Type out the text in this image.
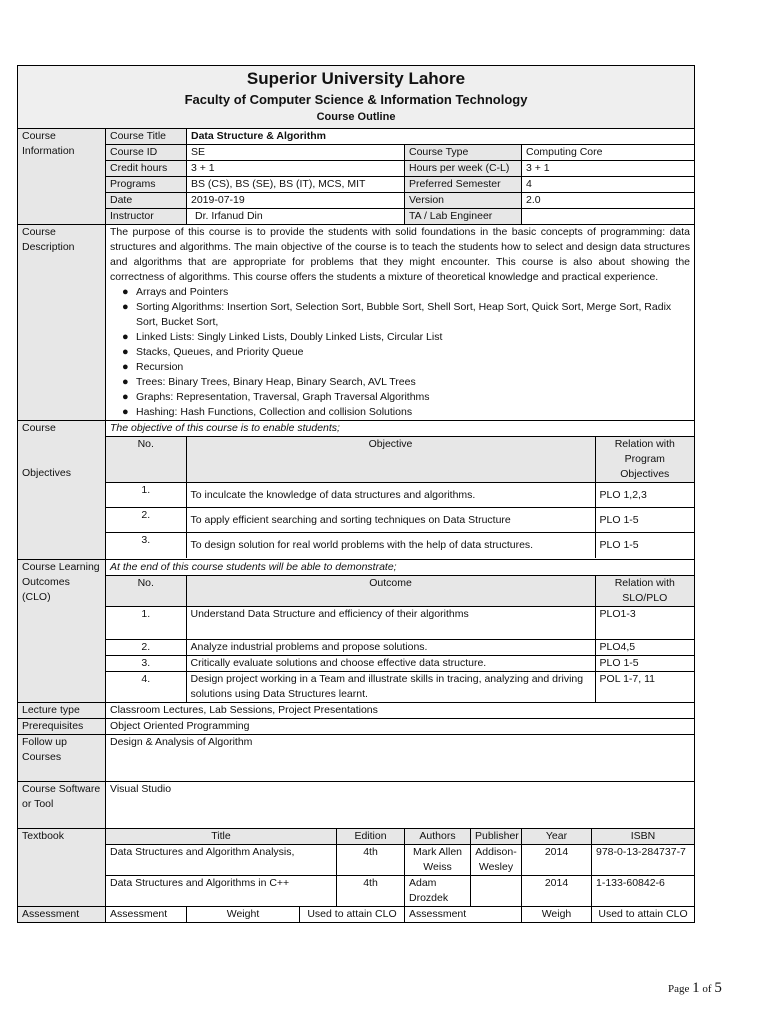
Superior University Lahore
Faculty of Computer Science & Information Technology
Course Outline

Course Information	Course Title	Data Structure & Algorithm
Course ID	SE	Course Type	Computing Core
Credit hours	3 + 1	Hours per week (C-L)	3 + 1
Programs	BS (CS), BS (SE), BS (IT), MCS, MIT	Preferred Semester	4
Date	2019-07-19	Version	2.0
Instructor	Dr. Irfanud Din	TA / Lab Engineer	
Course Description	
The purpose of this course is to provide the students with solid foundations in the basic concepts of programming: data structures and algorithms. The main objective of the course is to teach the students how to select and design data structures and algorithms that are appropriate for problems that they might encounter. This course is also about showing the correctness of algorithms. This course offers the students a mixture of theoretical knowledge and practical experience.
● Arrays and Pointers
● Sorting Algorithms: Insertion Sort, Selection Sort, Bubble Sort, Shell Sort, Heap Sort, Quick Sort, Merge Sort, Radix Sort, Bucket Sort,
● Linked Lists: Singly Linked Lists, Doubly Linked Lists, Circular List
● Stacks, Queues, and Priority Queue
● Recursion
● Trees: Binary Trees, Binary Heap, Binary Search, AVL Trees
● Graphs: Representation, Traversal, Graph Traversal Algorithms
● Hashing: Hash Functions, Collection and collision Solutions

Course
Objectives

The objective of this course is to enable students;
No.	Objective	Relation with Program Objectives
1.	To inculcate the knowledge of data structures and algorithms.	PLO 1,2,3
2.	To apply efficient searching and sorting techniques on Data Structure	PLO 1-5
3.	To design solution for real world problems with the help of data structures.	PLO 1-5

Course Learning Outcomes (CLO)	
At the end of this course students will be able to demonstrate;
No.	Outcome	Relation with SLO/PLO
1.	Understand Data Structure and efficiency of their algorithms	PLO1-3
2.	Analyze industrial problems and propose solutions.	PLO4,5
3.	Critically evaluate solutions and choose effective data structure.	PLO 1-5
4.	Design project working in a Team and illustrate skills in tracing, analyzing and driving solutions using Data Structures learnt.	POL 1-7, 11

Lecture type	Classroom Lectures, Lab Sessions, Project Presentations
Prerequisites	Object Oriented Programming
Follow up Courses	Design & Analysis of Algorithm
Course Software or Tool	Visual Studio
Textbook	Title	Edition	Authors	Publisher	Year	ISBN
Data Structures and Algorithm Analysis,	4th	Mark Allen Weiss	Addison-Wesley	2014	978-0-13-284737-7
Data Structures and Algorithms in C++	4th	Adam Drozdek		2014	1-133-60842-6
Assessment	Assessment	Weight	Used to attain CLO	Assessment	Weigh	Used to attain CLO
Page 1 of 5
